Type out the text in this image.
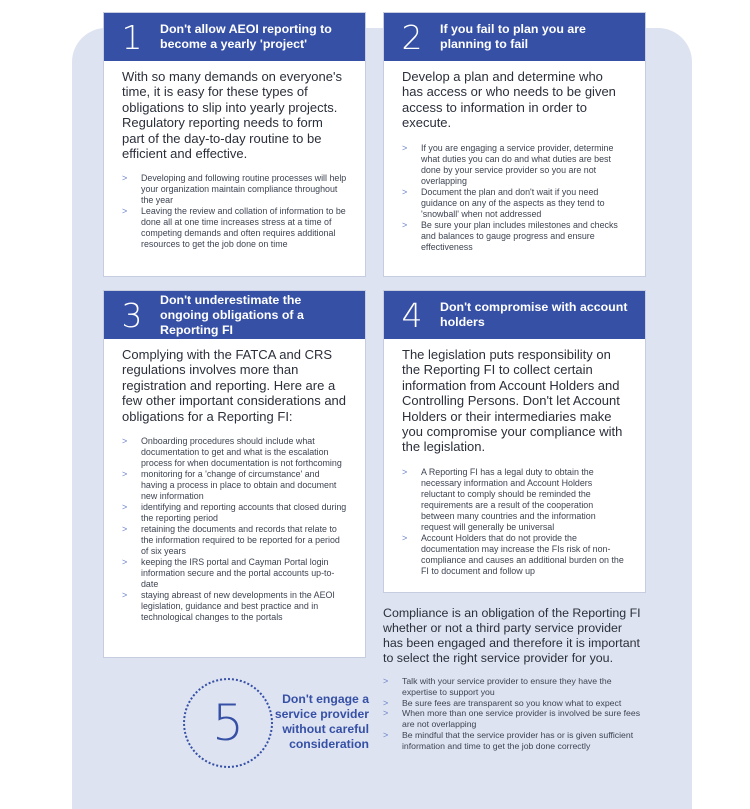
1	Don't allow AEOI reporting to become a yearly 'project'

With so many demands on everyone's time, it is easy for these types of obligations to slip into yearly projects. Regulatory reporting needs to form part of the day-to-day routine to be efficient and effective.

> Developing and following routine processes will help your organization maintain compliance throughout the year
> Leaving the review and collation of information to be done all at one time increases stress at a time of competing demands and often requires additional resources to get the job done on time
2	If you fail to plan you are planning to fail

Develop a plan and determine who has access or who needs to be given access to information in order to execute.

> If you are engaging a service provider, determine what duties you can do and what duties are best done by your service provider so you are not overlapping
> Document the plan and don't wait if you need guidance on any of the aspects as they tend to 'snowball' when not addressed
> Be sure your plan includes milestones and checks and balances to gauge progress and ensure effectiveness
3	Don't underestimate the ongoing obligations of a Reporting FI

Complying with the FATCA and CRS regulations involves more than registration and reporting. Here are a few other important considerations and obligations for a Reporting FI:

> Onboarding procedures should include what documentation to get and what is the escalation process for when documentation is not forthcoming
> monitoring for a 'change of circumstance' and having a process in place to obtain and document new information
> identifying and reporting accounts that closed during the reporting period
> retaining the documents and records that relate to the information required to be reported for a period of six years
> keeping the IRS portal and Cayman Portal login information secure and the portal accounts up-to-date
> staying abreast of new developments in the AEOI legislation, guidance and best practice and in technological changes to the portals
4	Don't compromise with account holders

The legislation puts responsibility on the Reporting FI to collect certain information from Account Holders and Controlling Persons. Don't let Account Holders or their intermediaries make you compromise your compliance with the legislation.

> A Reporting FI has a legal duty to obtain the necessary information and Account Holders reluctant to comply should be reminded the requirements are a result of the cooperation between many countries and the information request will generally be universal
> Account Holders that do not provide the documentation may increase the FIs risk of non-compliance and causes an additional burden on the FI to document and follow up
5	Don't engage a service provider without careful consideration

Compliance is an obligation of the Reporting FI whether or not a third party service provider has been engaged and therefore it is important to select the right service provider for you.

> Talk with your service provider to ensure they have the expertise to support you
> Be sure fees are transparent so you know what to expect
> When more than one service provider is involved be sure fees are not overlapping
> Be mindful that the service provider has or is given sufficient information and time to get the job done correctly
